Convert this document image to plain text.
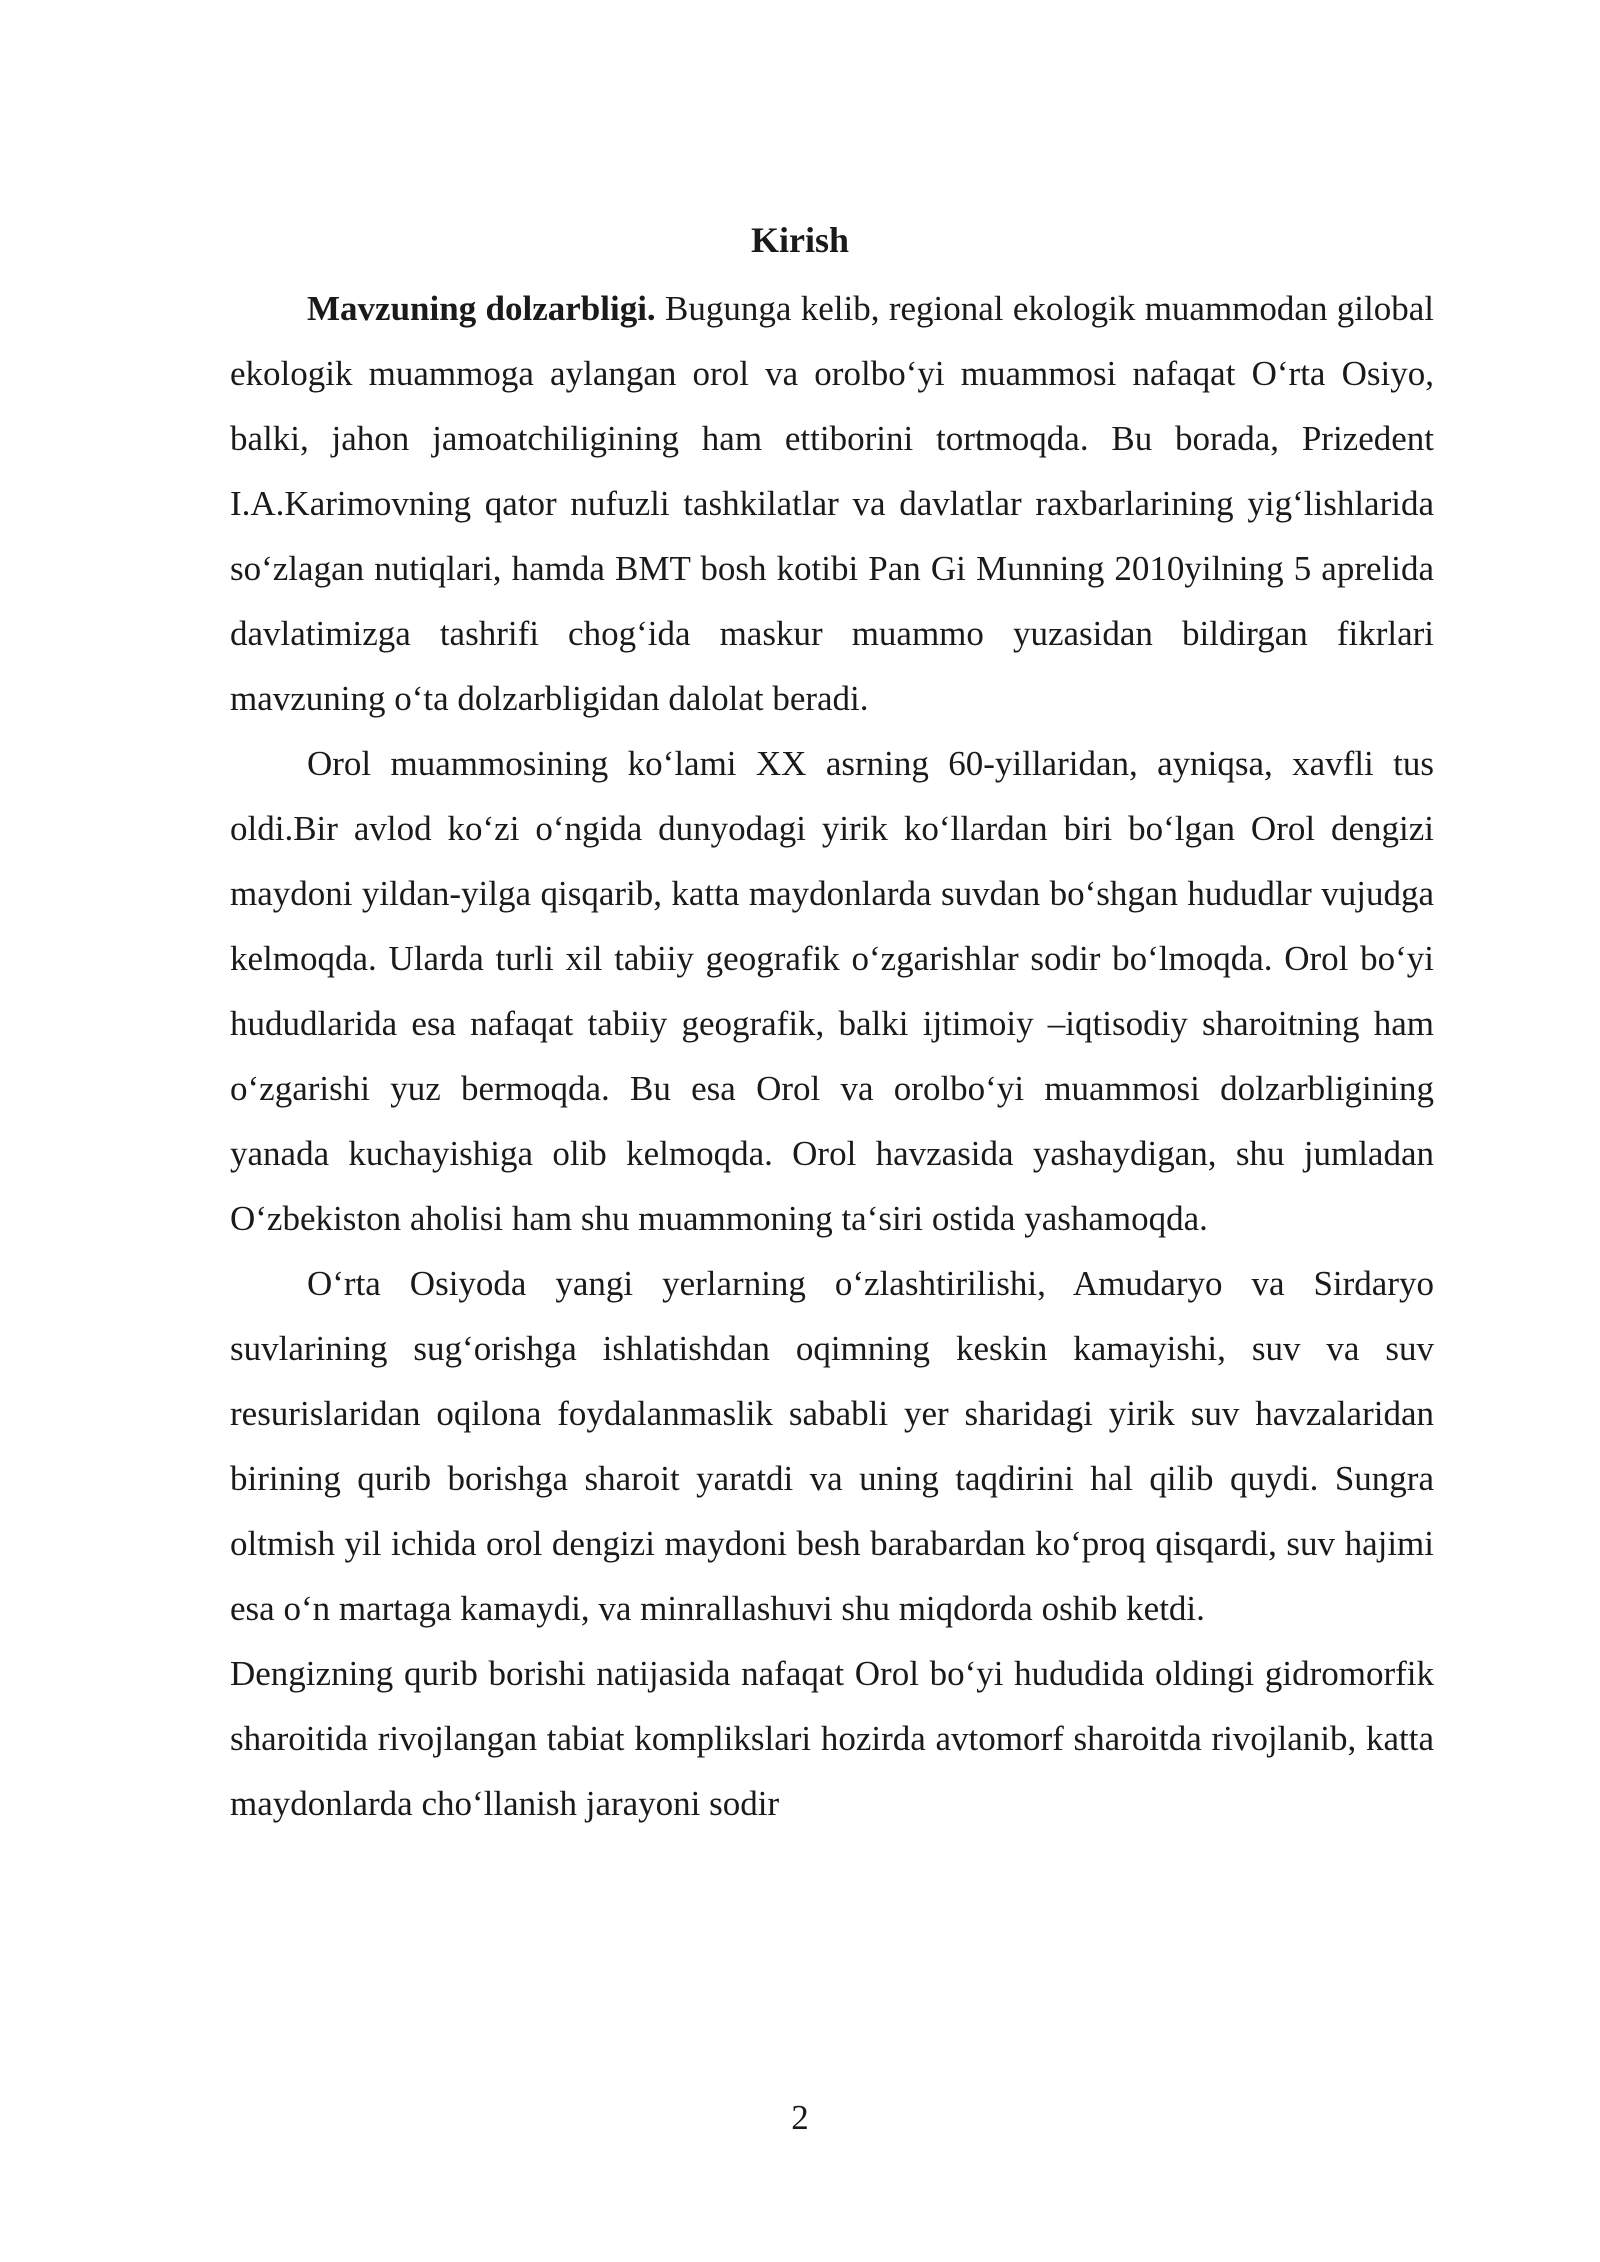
Kirish

Mavzuning dolzarbligi. Bugunga kelib, regional ekologik muammodan gilobal ekologik muammoga aylangan orol va orolbo‘yi muammosi nafaqat O‘rta Osiyo, balki, jahon jamoatchiligining ham ettiborini tortmoqda. Bu borada, Prizedent I.A.Karimovning qator nufuzli tashkilatlar va davlatlar raxbarlarining yig‘lishlarida so‘zlagan nutiqlari, hamda BMT bosh kotibi Pan Gi Munning 2010yilning 5 aprelida davlatimizga tashrifi chog‘ida maskur muammo yuzasidan bildirgan fikrlari mavzuning o‘ta dolzarbligidan dalolat beradi.

Orol muammosining ko‘lami XX asrning 60-yillaridan, ayniqsa, xavfli tus oldi.Bir avlod ko‘zi o‘ngida dunyodagi yirik ko‘llardan biri bo‘lgan Orol dengizi maydoni yildan-yilga qisqarib, katta maydonlarda suvdan bo‘shgan hududlar vujudga kelmoqda. Ularda turli xil tabiiy geografik o‘zgarishlar sodir bo‘lmoqda. Orol bo‘yi hududlarida esa nafaqat tabiiy geografik, balki ijtimoiy –iqtisodiy sharoitning ham o‘zgarishi yuz bermoqda. Bu esa Orol va orolbo‘yi muammosi dolzarbligining yanada kuchayishiga olib kelmoqda. Orol havzasida yashaydigan, shu jumladan O‘zbekiston aholisi ham shu muammoning ta‘siri ostida yashamoqda.

O‘rta Osiyoda yangi yerlarning o‘zlashtirilishi, Amudaryo va Sirdaryo suvlarining sug‘orishga ishlatishdan oqimning keskin kamayishi, suv va suv resurislaridan oqilona foydalanmaslik sababli yer sharidagi yirik suv havzalaridan birining qurib borishga sharoit yaratdi va uning taqdirini hal qilib quydi. Sungra oltmish yil ichida orol dengizi maydoni besh barabardan ko‘proq qisqardi, suv hajimi esa o‘n martaga kamaydi, va minrallashuvi shu miqdorda oshib ketdi.

Dengizning qurib borishi natijasida nafaqat Orol bo‘yi hududida oldingi gidromorfik sharoitida rivojlangan tabiat komplikslari hozirda avtomorf sharoitda rivojlanib, katta maydonlarda cho‘llanish jarayoni sodir

2
